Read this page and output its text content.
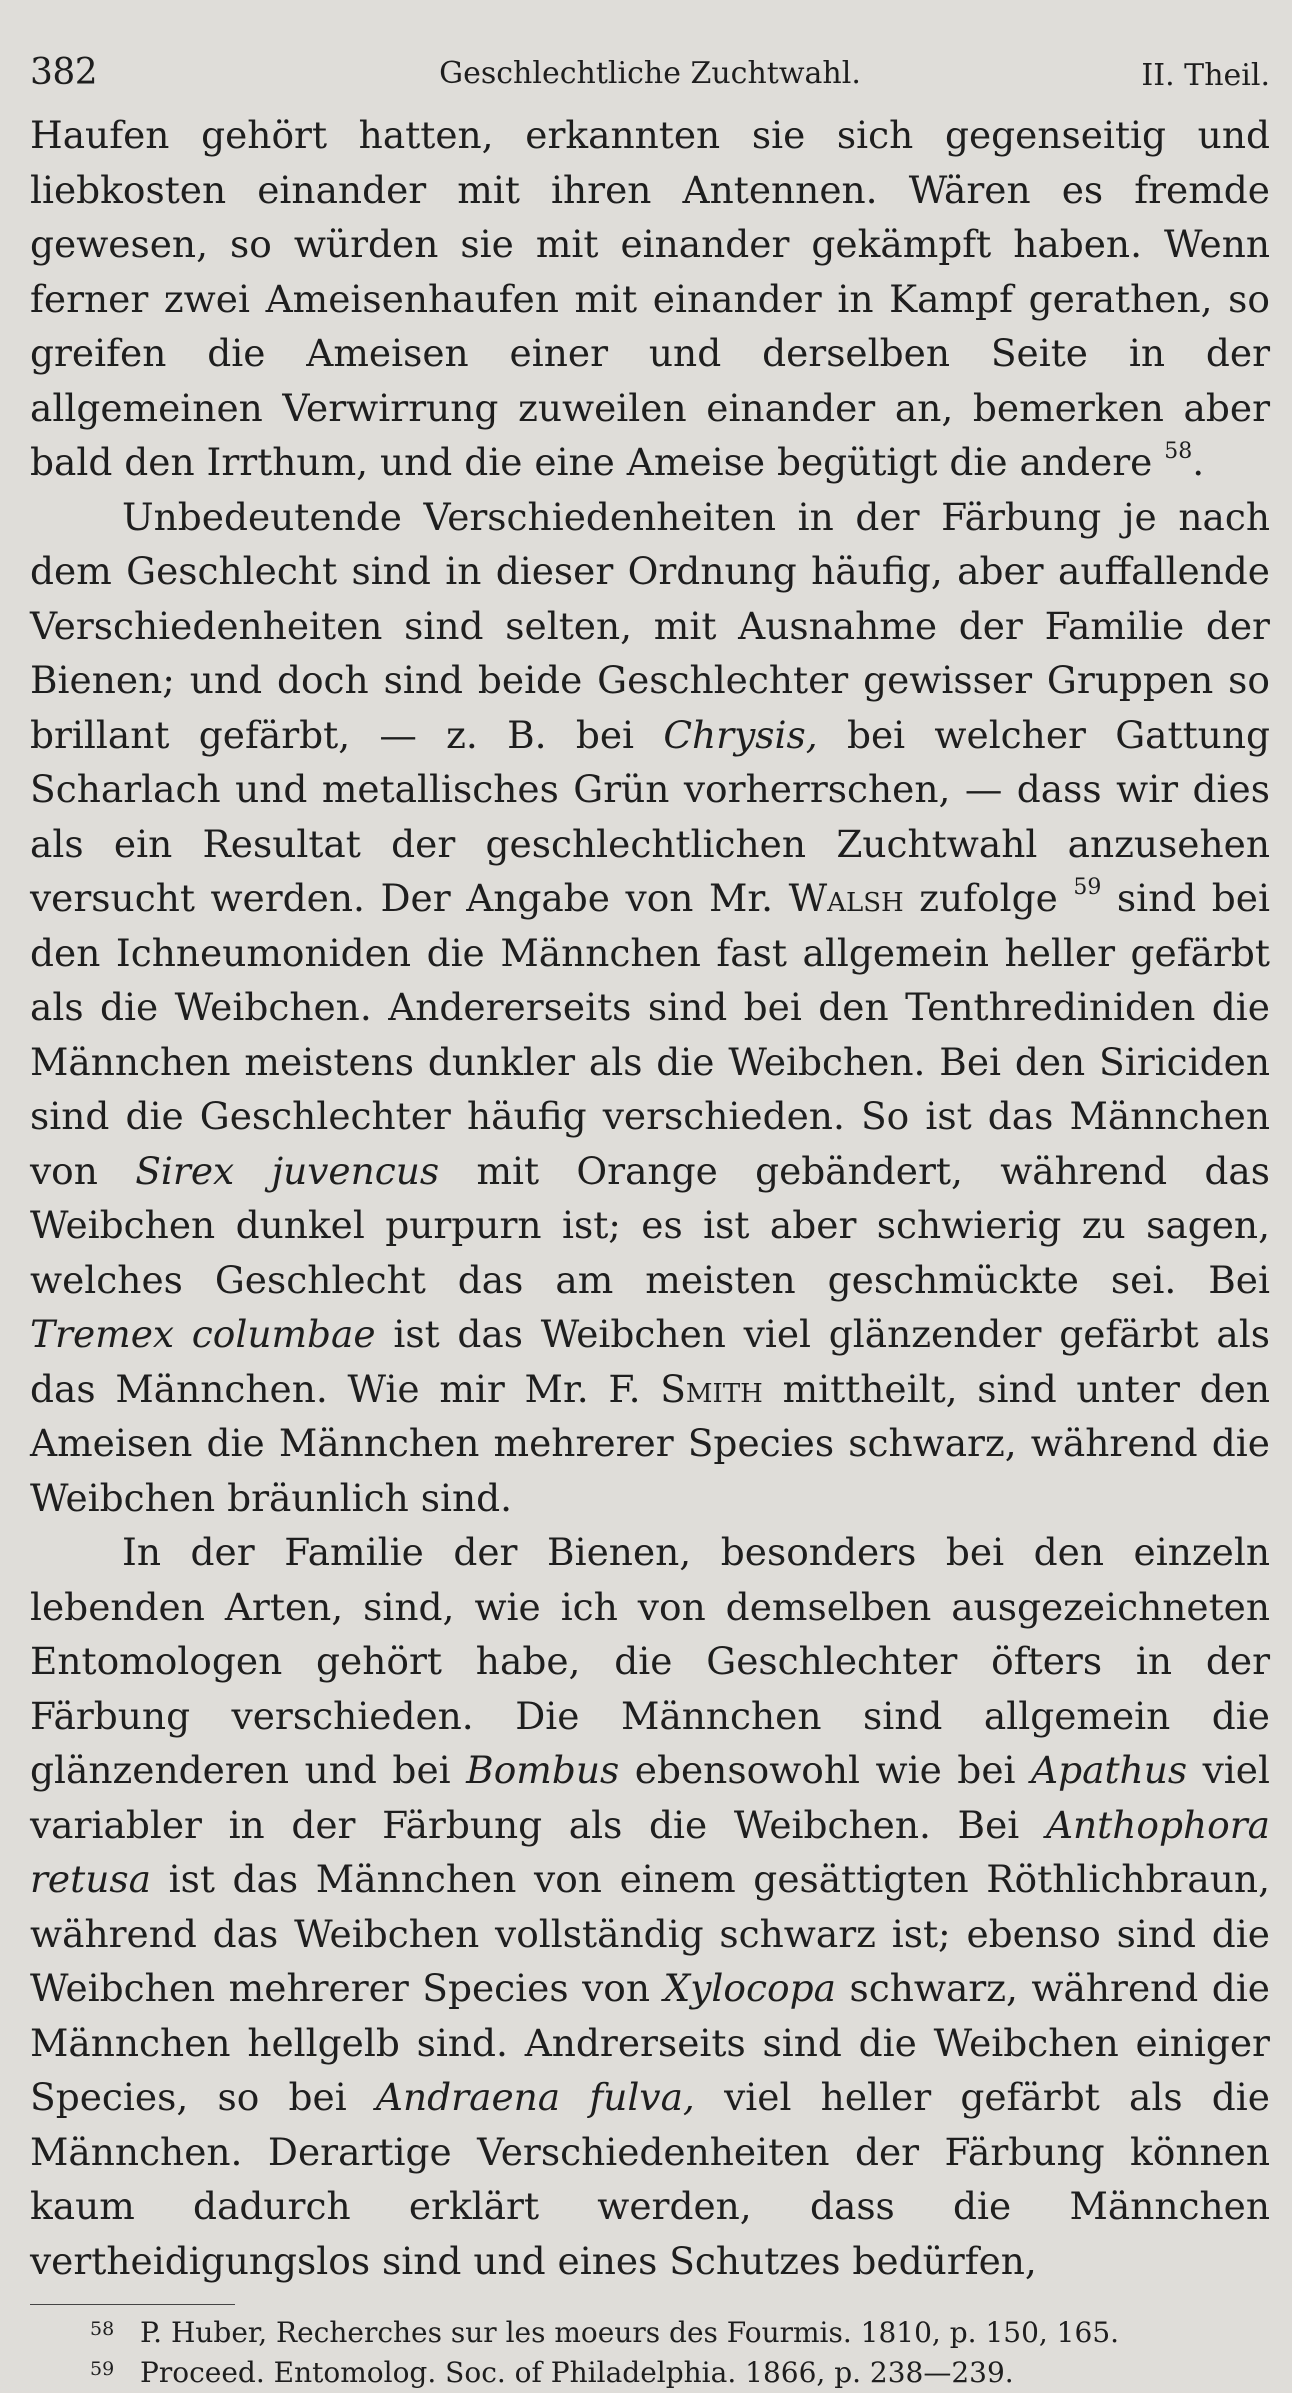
382	Geschlechtliche Zuchtwahl.	II. Theil.

Haufen gehört hatten, erkannten sie sich gegenseitig und liebkosten einander mit ihren Antennen. Wären es fremde gewesen, so würden sie mit einander gekämpft haben. Wenn ferner zwei Ameisenhaufen mit einander in Kampf gerathen, so greifen die Ameisen einer und derselben Seite in der allgemeinen Verwirrung zuweilen einander an, bemerken aber bald den Irrthum, und die eine Ameise begütigt die andere $^{58}$.

Unbedeutende Verschiedenheiten in der Färbung je nach dem Geschlecht sind in dieser Ordnung häufig, aber auffallende Verschiedenheiten sind selten, mit Ausnahme der Familie der Bienen; und doch sind beide Geschlechter gewisser Gruppen so brillant gefärbt, — z. B. bei Chrysis, bei welcher Gattung Scharlach und metallisches Grün vorherrschen, — dass wir dies als ein Resultat der geschlechtlichen Zuchtwahl anzusehen versucht werden. Der Angabe von Mr. Walsh zufolge $^{59}$ sind bei den Ichneumoniden die Männchen fast allgemein heller gefärbt als die Weibchen. Andererseits sind bei den Tenthrediniden die Männchen meistens dunkler als die Weibchen. Bei den Siriciden sind die Geschlechter häufig verschieden. So ist das Männchen von Sirex juvencus mit Orange gebändert, während das Weibchen dunkel purpurn ist; es ist aber schwierig zu sagen, welches Geschlecht das am meisten geschmückte sei. Bei Tremex columbae ist das Weibchen viel glänzender gefärbt als das Männchen. Wie mir Mr. F. Smith mittheilt, sind unter den Ameisen die Männchen mehrerer Species schwarz, während die Weibchen bräunlich sind.

In der Familie der Bienen, besonders bei den einzeln lebenden Arten, sind, wie ich von demselben ausgezeichneten Entomologen gehört habe, die Geschlechter öfters in der Färbung verschieden. Die Männchen sind allgemein die glänzenderen und bei Bombus ebensowohl wie bei Apathus viel variabler in der Färbung als die Weibchen. Bei Anthophora retusa ist das Männchen von einem gesättigten Röthlichbraun, während das Weibchen vollständig schwarz ist; ebenso sind die Weibchen mehrerer Species von Xylocopa schwarz, während die Männchen hellgelb sind. Andrerseits sind die Weibchen einiger Species, so bei Andraena fulva, viel heller gefärbt als die Männchen. Derartige Verschiedenheiten der Färbung können kaum dadurch erklärt werden, dass die Männchen vertheidigungslos sind und eines Schutzes bedürfen,

58 P. Huber, Recherches sur les moeurs des Fourmis. 1810, p. 150, 165.

59 Proceed. Entomolog. Soc. of Philadelphia. 1866, p. 238—239.
